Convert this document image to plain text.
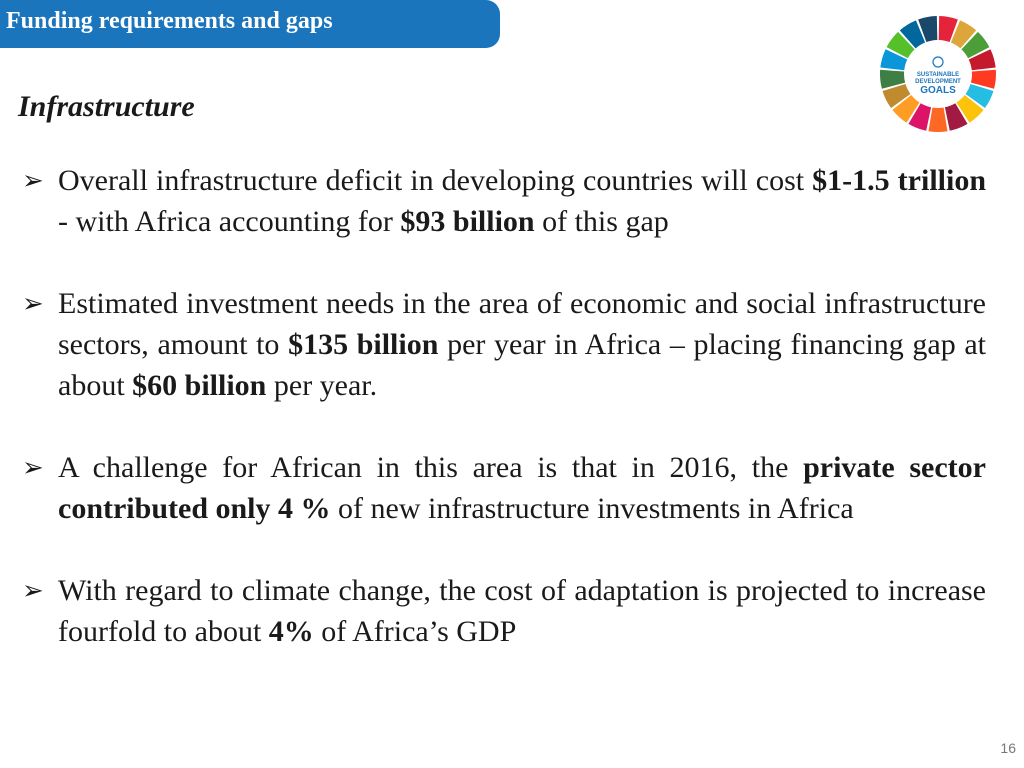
Funding requirements and gaps
Infrastructure
SUSTAINABLE
DEVELOPMENT
GOALS
➢ Overall infrastructure deficit in developing countries will cost $1-1.5 trillion - with Africa accounting for $93 billion of this gap
➢ Estimated investment needs in the area of economic and social infrastructure sectors, amount to $135 billion per year in Africa – placing financing gap at about $60 billion per year.
➢ A challenge for African in this area is that in 2016, the private sector contributed only 4 % of new infrastructure investments in Africa
➢ With regard to climate change, the cost of adaptation is projected to increase fourfold to about 4% of Africa’s GDP
16
